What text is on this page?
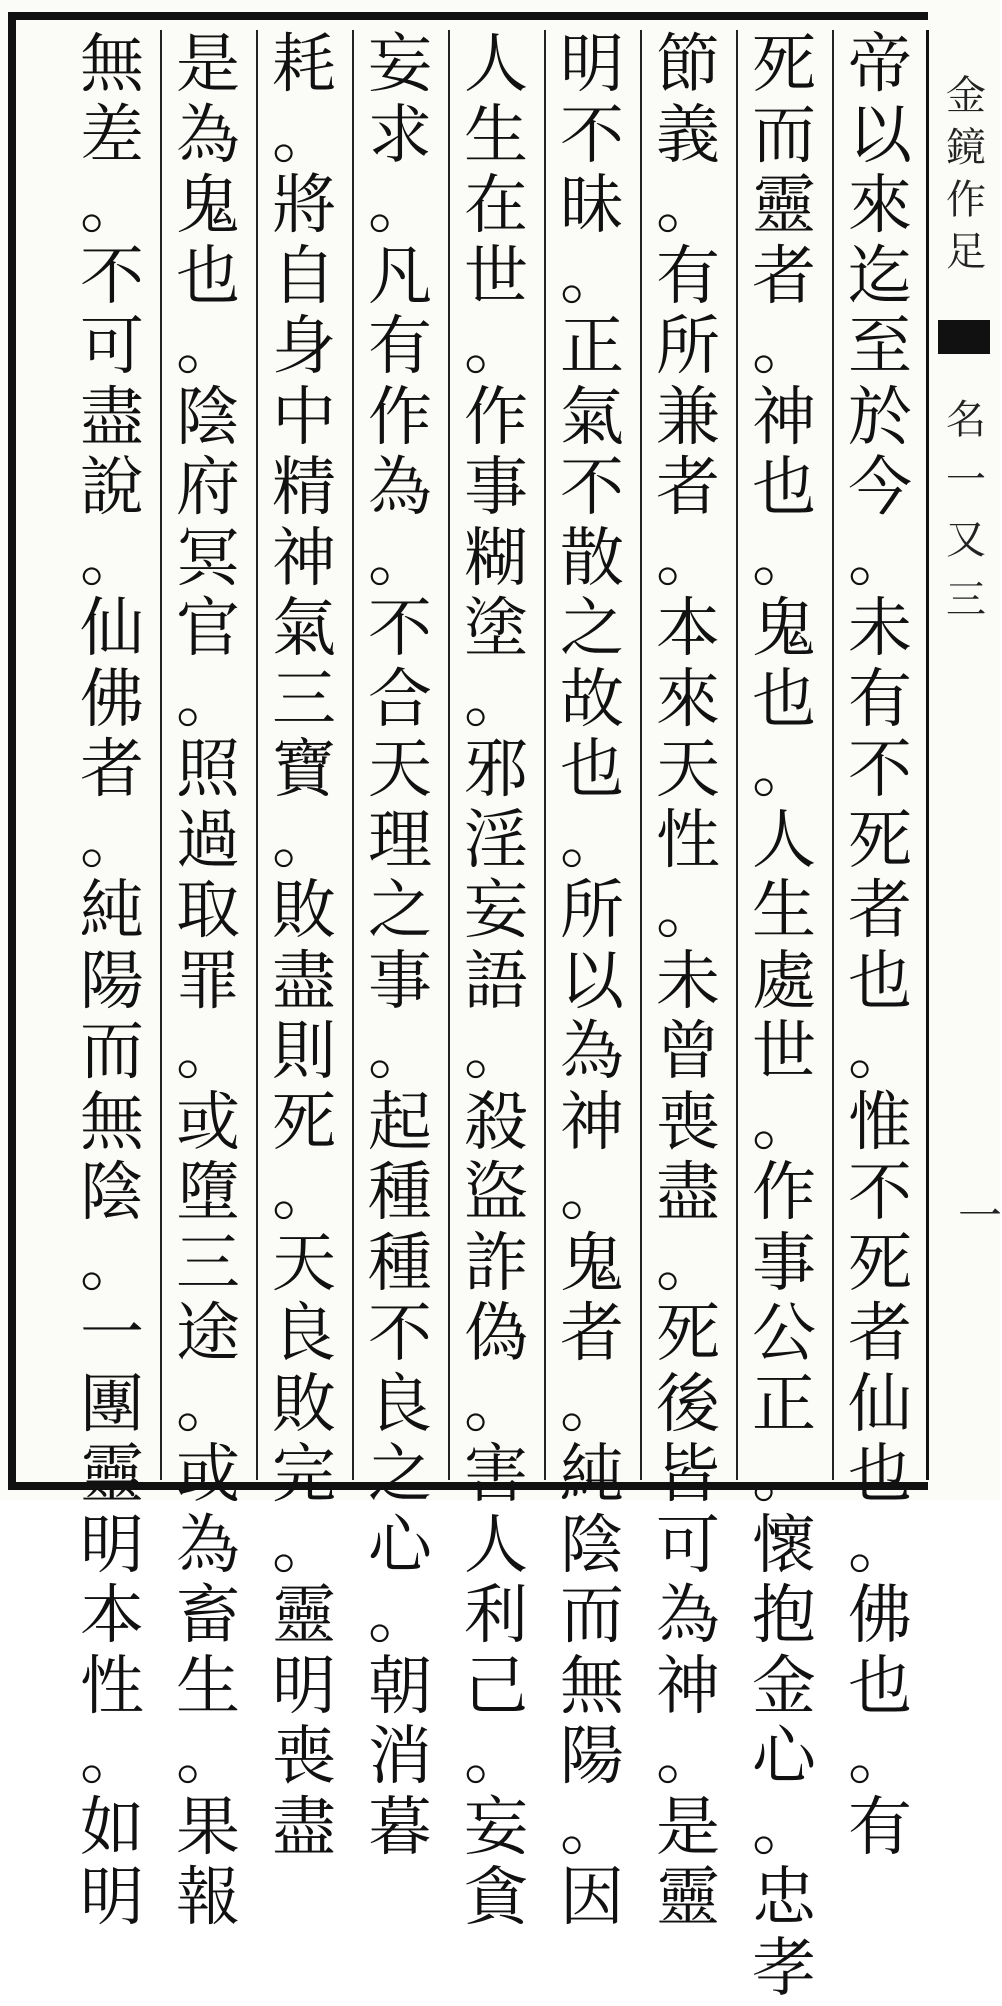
金鏡作足
名一又三
一
帝
以
來
迄
至
於
今
。
未
有
不
死
者
也
。
惟
不
死
者
仙
也
。
佛
也
。
有
死
而
靈
者
。
神
也
。
鬼
也
。
人
生
處
世
。
作
事
公
正
。
懷
抱
金
心
。
忠
孝
節
義
。
有
所
兼
者
。
本
來
天
性
。
未
曾
喪
盡
。
死
後
皆
可
為
神
。
是
靈
明
不
昧
。
正
氣
不
散
之
故
也
。
所
以
為
神
。
鬼
者
。
純
陰
而
無
陽
。
因
人
生
在
世
。
作
事
糊
塗
。
邪
淫
妄
語
。
殺
盜
詐
偽
。
害
人
利
己
。
妄
貪
妄
求
。
凡
有
作
為
。
不
合
天
理
之
事
。
起
種
種
不
良
之
心
。
朝
消
暮
耗
。
將
自
身
中
精
神
氣
三
寶
。
敗
盡
則
死
。
天
良
敗
完
。
靈
明
喪
盡
是
為
鬼
也
。
陰
府
冥
官
。
照
過
取
罪
。
或
墮
三
途
。
或
為
畜
生
。
果
報
無
差
。
不
可
盡
說
。
仙
佛
者
。
純
陽
而
無
陰
。
一
團
靈
明
本
性
。
如
明
